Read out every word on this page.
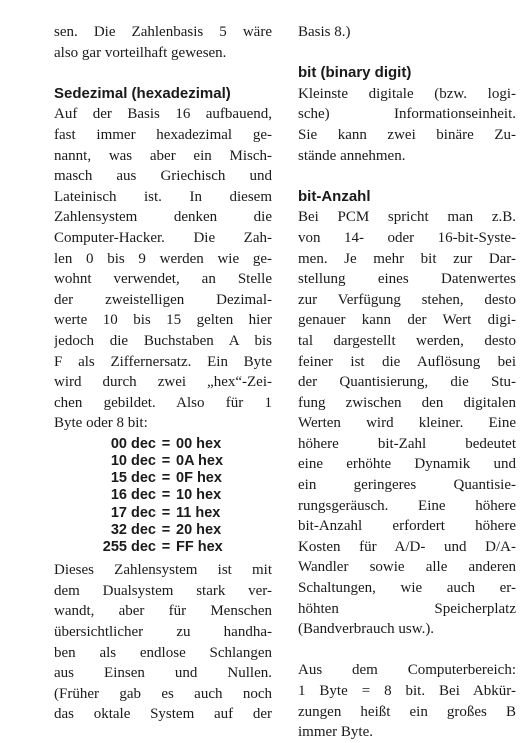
sen. Die Zahlenbasis 5 wäre
also gar vorteilhaft gewesen.

Sedezimal (hexadezimal)

Auf der Basis 16 aufbauend,
fast immer hexadezimal ge-
nannt, was aber ein Misch-
masch aus Griechisch und
Lateinisch ist. In diesem
Zahlensystem denken die
Computer-Hacker. Die Zah-
len 0 bis 9 werden wie ge-
wohnt verwendet, an Stelle
der zweistelligen Dezimal-
werte 10 bis 15 gelten hier
jedoch die Buchstaben A bis
F als Ziffernersatz. Ein Byte
wird durch zwei „hex“-Zei-
chen gebildet. Also für 1
Byte oder 8 bit:

00 dec = 00 hex
10 dec = 0A hex
15 dec = 0F hex
16 dec = 10 hex
17 dec = 11 hex
32 dec = 20 hex
255 dec = FF hex

Dieses Zahlensystem ist mit
dem Dualsystem stark ver-
wandt, aber für Menschen
übersichtlicher zu handha-
ben als endlose Schlangen
aus Einsen und Nullen.
(Früher gab es auch noch
das oktale System auf der

Basis 8.)

bit (binary digit)

Kleinste digitale (bzw. logi-
sche) Informationseinheit.
Sie kann zwei binäre Zu-
stände annehmen.

bit-Anzahl

Bei PCM spricht man z.B.
von 14- oder 16-bit-Syste-
men. Je mehr bit zur Dar-
stellung eines Datenwertes
zur Verfügung stehen, desto
genauer kann der Wert digi-
tal dargestellt werden, desto
feiner ist die Auflösung bei
der Quantisierung, die Stu-
fung zwischen den digitalen
Werten wird kleiner. Eine
höhere bit-Zahl bedeutet
eine erhöhte Dynamik und
ein geringeres Quantisie-
rungsgeräusch. Eine höhere
bit-Anzahl erfordert höhere
Kosten für A/D- und D/A-
Wandler sowie alle anderen
Schaltungen, wie auch er-
höhten Speicherplatz
(Bandverbrauch usw.).

Aus dem Computerbereich:
1 Byte = 8 bit. Bei Abkür-
zungen heißt ein großes B
immer Byte.
